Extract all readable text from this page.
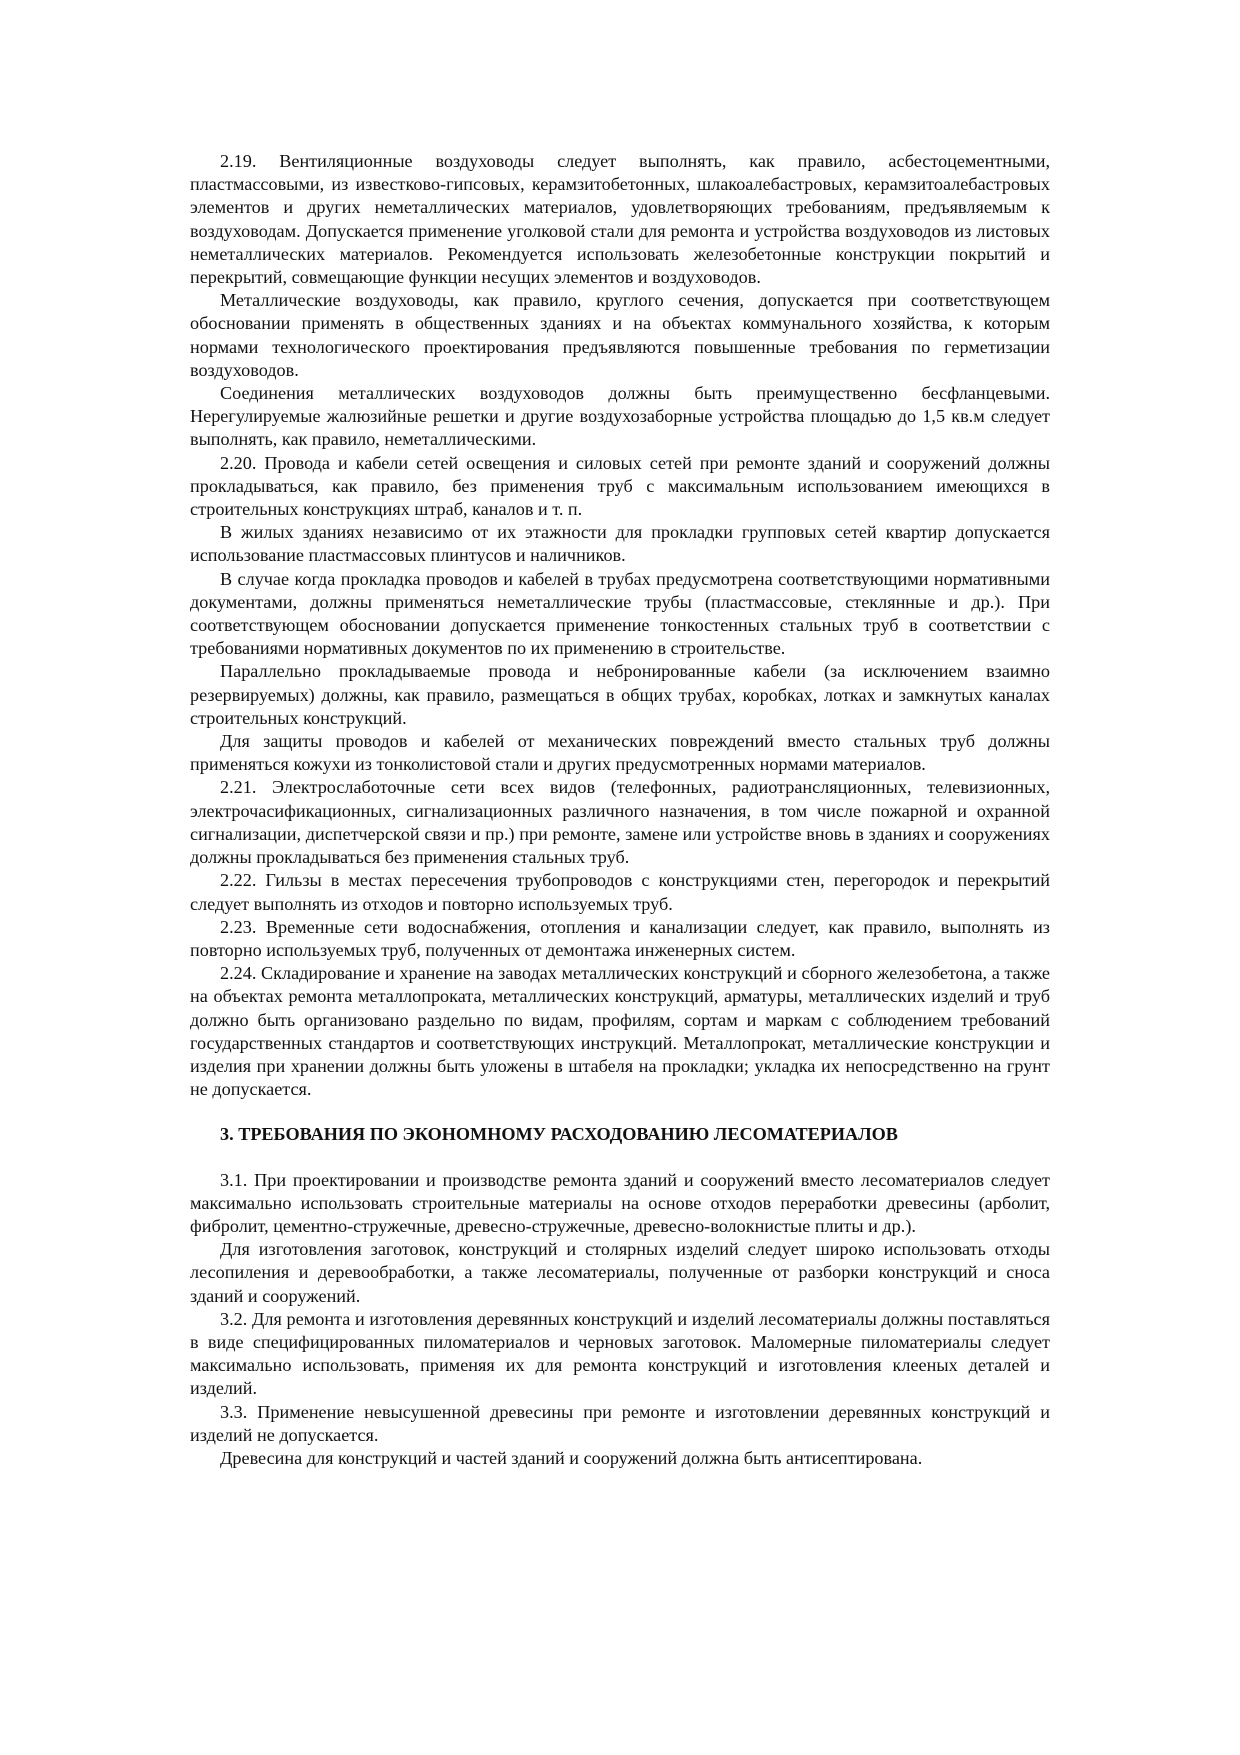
2.19. Вентиляционные воздуховоды следует выполнять, как правило, асбестоцементными, пластмассовыми, из известково-гипсовых, керамзитобетонных, шлакоалебастровых, керамзитоалебастровых элементов и других неметаллических материалов, удовлетворяющих требованиям, предъявляемым к воздуховодам. Допускается применение уголковой стали для ремонта и устройства воздуховодов из листовых неметаллических материалов. Рекомендуется использовать железобетонные конструкции покрытий и перекрытий, совмещающие функции несущих элементов и воздуховодов.

Металлические воздуховоды, как правило, круглого сечения, допускается при соответствующем обосновании применять в общественных зданиях и на объектах коммунального хозяйства, к которым нормами технологического проектирования предъявляются повышенные требования по герметизации воздуховодов.

Соединения металлических воздуховодов должны быть преимущественно бесфланцевыми. Нерегулируемые жалюзийные решетки и другие воздухозаборные устройства площадью до 1,5 кв.м следует выполнять, как правило, неметаллическими.

2.20. Провода и кабели сетей освещения и силовых сетей при ремонте зданий и сооружений должны прокладываться, как правило, без применения труб с максимальным использованием имеющихся в строительных конструкциях штраб, каналов и т. п.

В жилых зданиях независимо от их этажности для прокладки групповых сетей квартир допускается использование пластмассовых плинтусов и наличников.

В случае когда прокладка проводов и кабелей в трубах предусмотрена соответствующими нормативными документами, должны применяться неметаллические трубы (пластмассовые, стеклянные и др.). При соответствующем обосновании допускается применение тонкостенных стальных труб в соответствии с требованиями нормативных документов по их применению в строительстве.

Параллельно прокладываемые провода и небронированные кабели (за исключением взаимно резервируемых) должны, как правило, размещаться в общих трубах, коробках, лотках и замкнутых каналах строительных конструкций.

Для защиты проводов и кабелей от механических повреждений вместо стальных труб должны применяться кожухи из тонколистовой стали и других предусмотренных нормами материалов.

2.21. Электрослаботочные сети всех видов (телефонных, радиотрансляционных, телевизионных, электрочасификационных, сигнализационных различного назначения, в том числе пожарной и охранной сигнализации, диспетчерской связи и пр.) при ремонте, замене или устройстве вновь в зданиях и сооружениях должны прокладываться без применения стальных труб.

2.22. Гильзы в местах пересечения трубопроводов с конструкциями стен, перегородок и перекрытий следует выполнять из отходов и повторно используемых труб.

2.23. Временные сети водоснабжения, отопления и канализации следует, как правило, выполнять из повторно используемых труб, полученных от демонтажа инженерных систем.

2.24. Складирование и хранение на заводах металлических конструкций и сборного железобетона, а также на объектах ремонта металлопроката, металлических конструкций, арматуры, металлических изделий и труб должно быть организовано раздельно по видам, профилям, сортам и маркам с соблюдением требований государственных стандартов и соответствующих инструкций. Металлопрокат, металлические конструкции и изделия при хранении должны быть уложены в штабеля на прокладки; укладка их непосредственно на грунт не допускается.

3. ТРЕБОВАНИЯ ПО ЭКОНОМНОМУ РАСХОДОВАНИЮ ЛЕСОМАТЕРИАЛОВ

3.1. При проектировании и производстве ремонта зданий и сооружений вместо лесоматериалов следует максимально использовать строительные материалы на основе отходов переработки древесины (арболит, фибролит, цементно-стружечные, древесно-стружечные, древесно-волокнистые плиты и др.).

Для изготовления заготовок, конструкций и столярных изделий следует широко использовать отходы лесопиления и деревообработки, а также лесоматериалы, полученные от разборки конструкций и сноса зданий и сооружений.

3.2. Для ремонта и изготовления деревянных конструкций и изделий лесоматериалы должны поставляться в виде специфицированных пиломатериалов и черновых заготовок. Маломерные пиломатериалы следует максимально использовать, применяя их для ремонта конструкций и изготовления клееных деталей и изделий.

3.3. Применение невысушенной древесины при ремонте и изготовлении деревянных конструкций и изделий не допускается.

Древесина для конструкций и частей зданий и сооружений должна быть антисептирована.
